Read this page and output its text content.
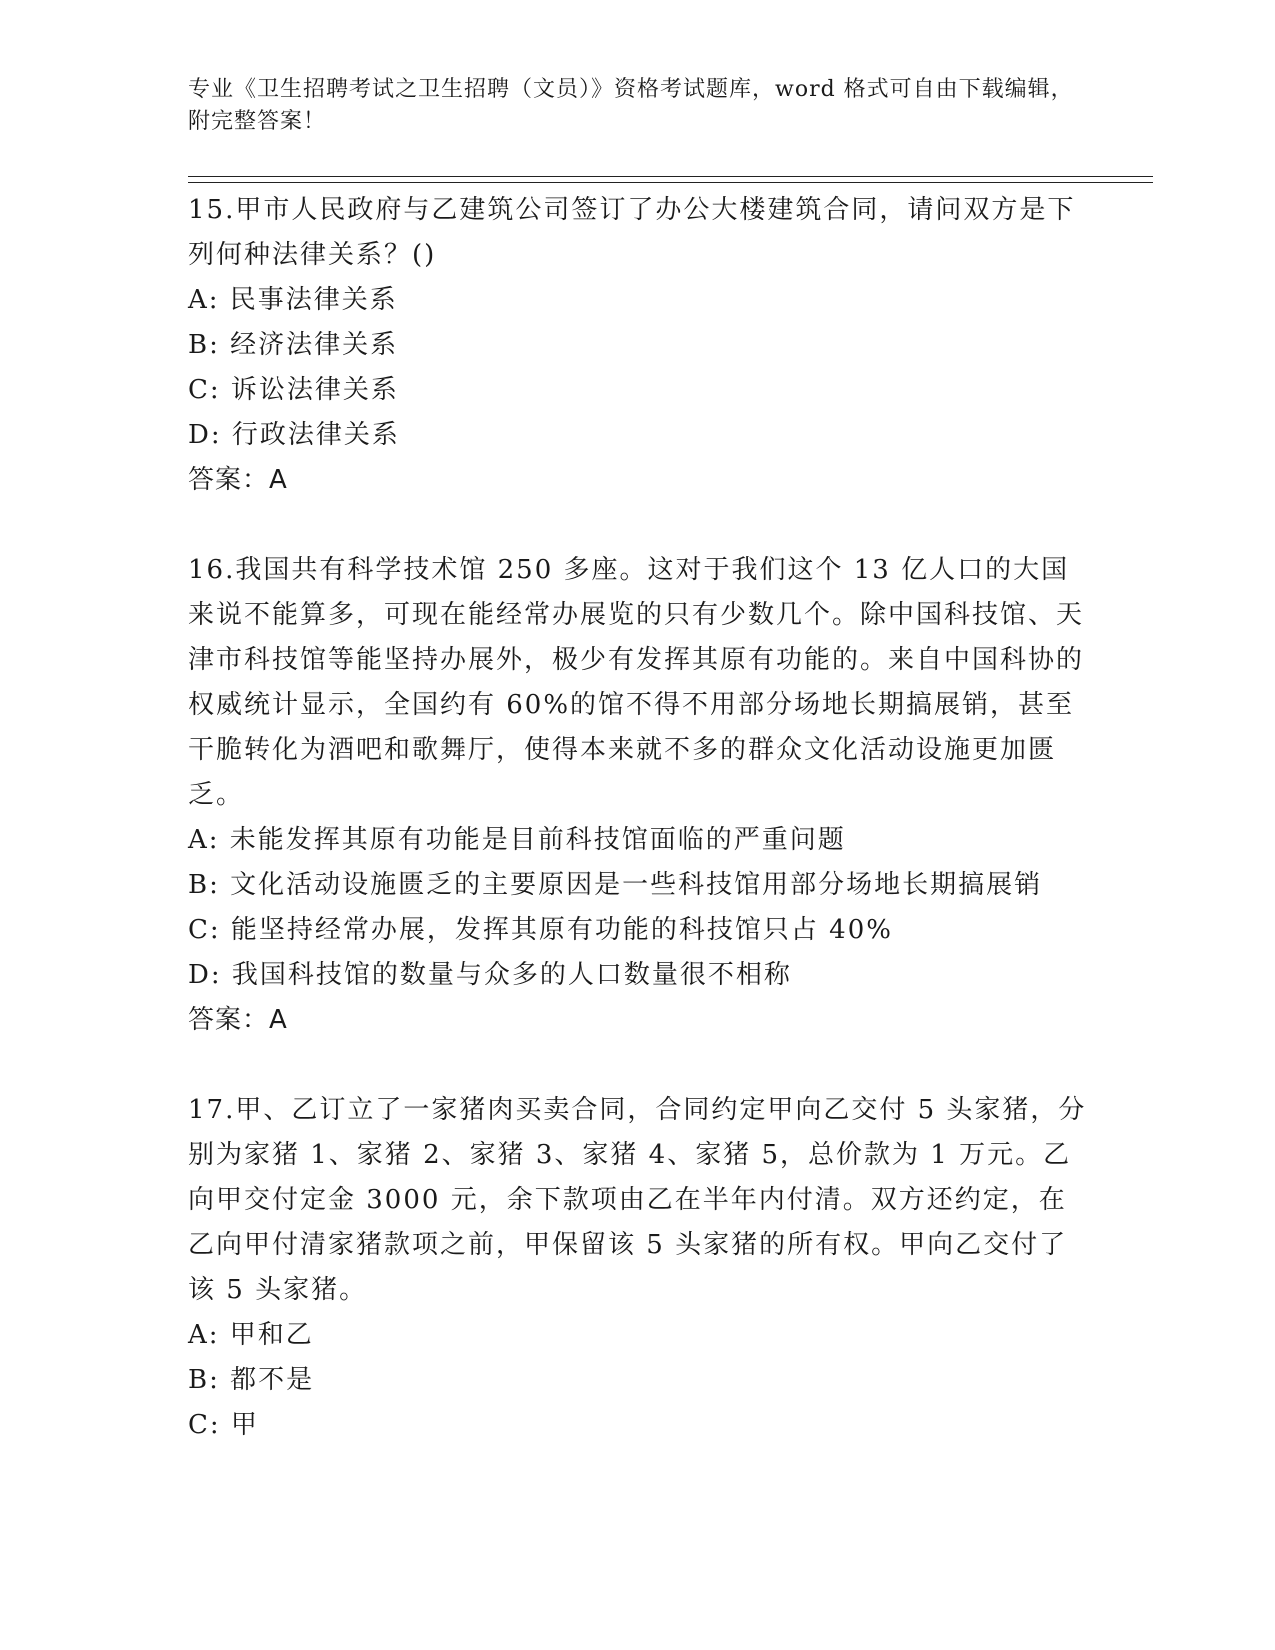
专业《卫生招聘考试之卫生招聘（文员）》资格考试题库，word 格式可自由下载编辑，附完整答案！

15.甲市人民政府与乙建筑公司签订了办公大楼建筑合同，请问双方是下列何种法律关系？()

A: 民事法律关系

B: 经济法律关系

C: 诉讼法律关系

D: 行政法律关系

答案：A

16.我国共有科学技术馆 250 多座。这对于我们这个 13 亿人口的大国来说不能算多，可现在能经常办展览的只有少数几个。除中国科技馆、天津市科技馆等能坚持办展外，极少有发挥其原有功能的。来自中国科协的权威统计显示，全国约有 60%的馆不得不用部分场地长期搞展销，甚至干脆转化为酒吧和歌舞厅，使得本来就不多的群众文化活动设施更加匮乏。

A: 未能发挥其原有功能是目前科技馆面临的严重问题

B: 文化活动设施匮乏的主要原因是一些科技馆用部分场地长期搞展销

C: 能坚持经常办展，发挥其原有功能的科技馆只占 40%

D: 我国科技馆的数量与众多的人口数量很不相称

答案：A

17.甲、乙订立了一家猪肉买卖合同，合同约定甲向乙交付 5 头家猪，分别为家猪 1、家猪 2、家猪 3、家猪 4、家猪 5，总价款为 1 万元。乙向甲交付定金 3000 元，余下款项由乙在半年内付清。双方还约定，在乙向甲付清家猪款项之前，甲保留该 5 头家猪的所有权。甲向乙交付了该 5 头家猪。

A: 甲和乙

B: 都不是

C: 甲
